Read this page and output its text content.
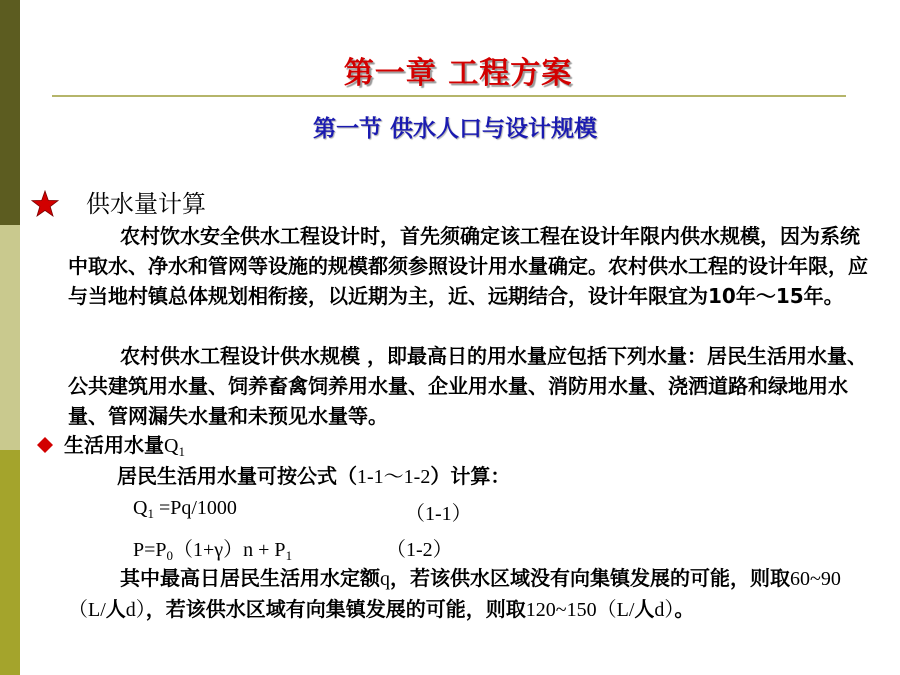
第一章 工程方案
第一节 供水人口与设计规模
供水量计算
农村饮水安全供水工程设计时，首先须确定该工程在设计年限内供水规模，因为系统中取水、净水和管网等设施的规模都须参照设计用水量确定。农村供水工程的设计年限，应与当地村镇总体规划相衔接，以近期为主，近、远期结合，设计年限宜为10年～15年。
农村供水工程设计供水规模 ，即最高日的用水量应包括下列水量：居民生活用水量、公共建筑用水量、饲养畜禽饲养用水量、企业用水量、消防用水量、浇洒道路和绿地用水量、管网漏失水量和未预见水量等。
生活用水量$Q_1$
居民生活用水量可按公式（1-1～1-2）计算：
$Q_1 =Pq/1000$	（1-1）
$P=P_0(1+\gamma)n + P_1$	（1-2）
其中最高日居民生活用水定额q，若该供水区域没有向集镇发展的可能，则取60~90（L/人d），若该供水区域有向集镇发展的可能，则取120~150（L/人d）。
